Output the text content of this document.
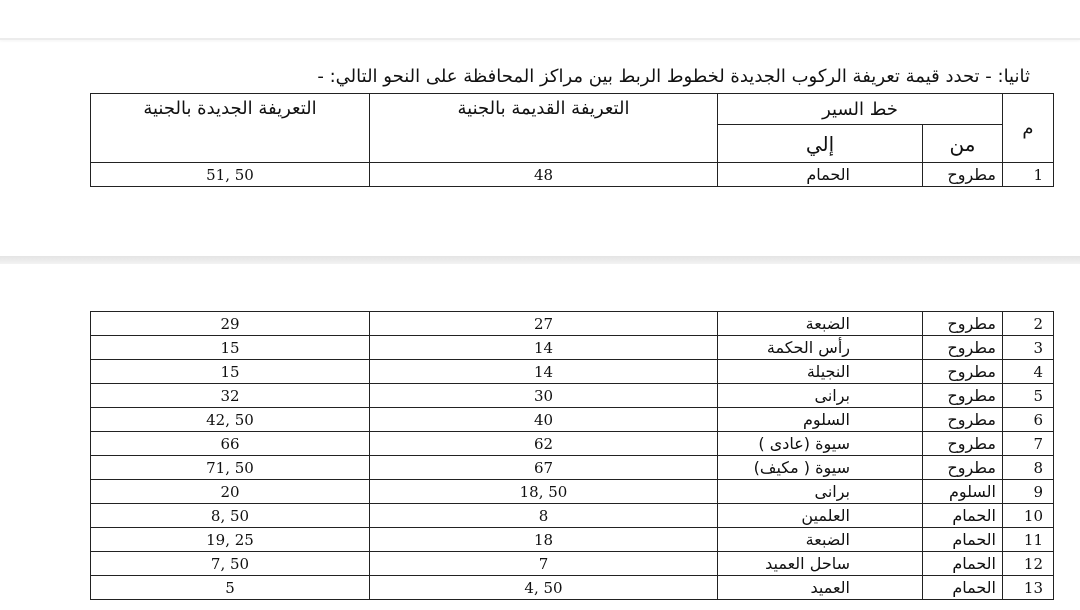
ثانيا: - تحدد قيمة تعريفة الركوب الجديدة لخطوط الربط بين مراكز المحافظة على النحو التالي: -
التعريفة الجديدة بالجنية	التعريفة القديمة بالجنية	خط السير		م
		إلي	من	
51, 50	48	الحمام	مطروح	1
29	27	الضبعة	مطروح	2
15	14	رأس الحكمة	مطروح	3
15	14	النجيلة	مطروح	4
32	30	برانى	مطروح	5
42, 50	40	السلوم	مطروح	6
66	62	سيوة (عادى )	مطروح	7
71, 50	67	سيوة ( مكيف)	مطروح	8
20	18, 50	برانى	السلوم	9
8, 50	8	العلمين	الحمام	10
19, 25	18	الضبعة	الحمام	11
7, 50	7	ساحل العميد	الحمام	12
5	4, 50	العميد	الحمام	13
